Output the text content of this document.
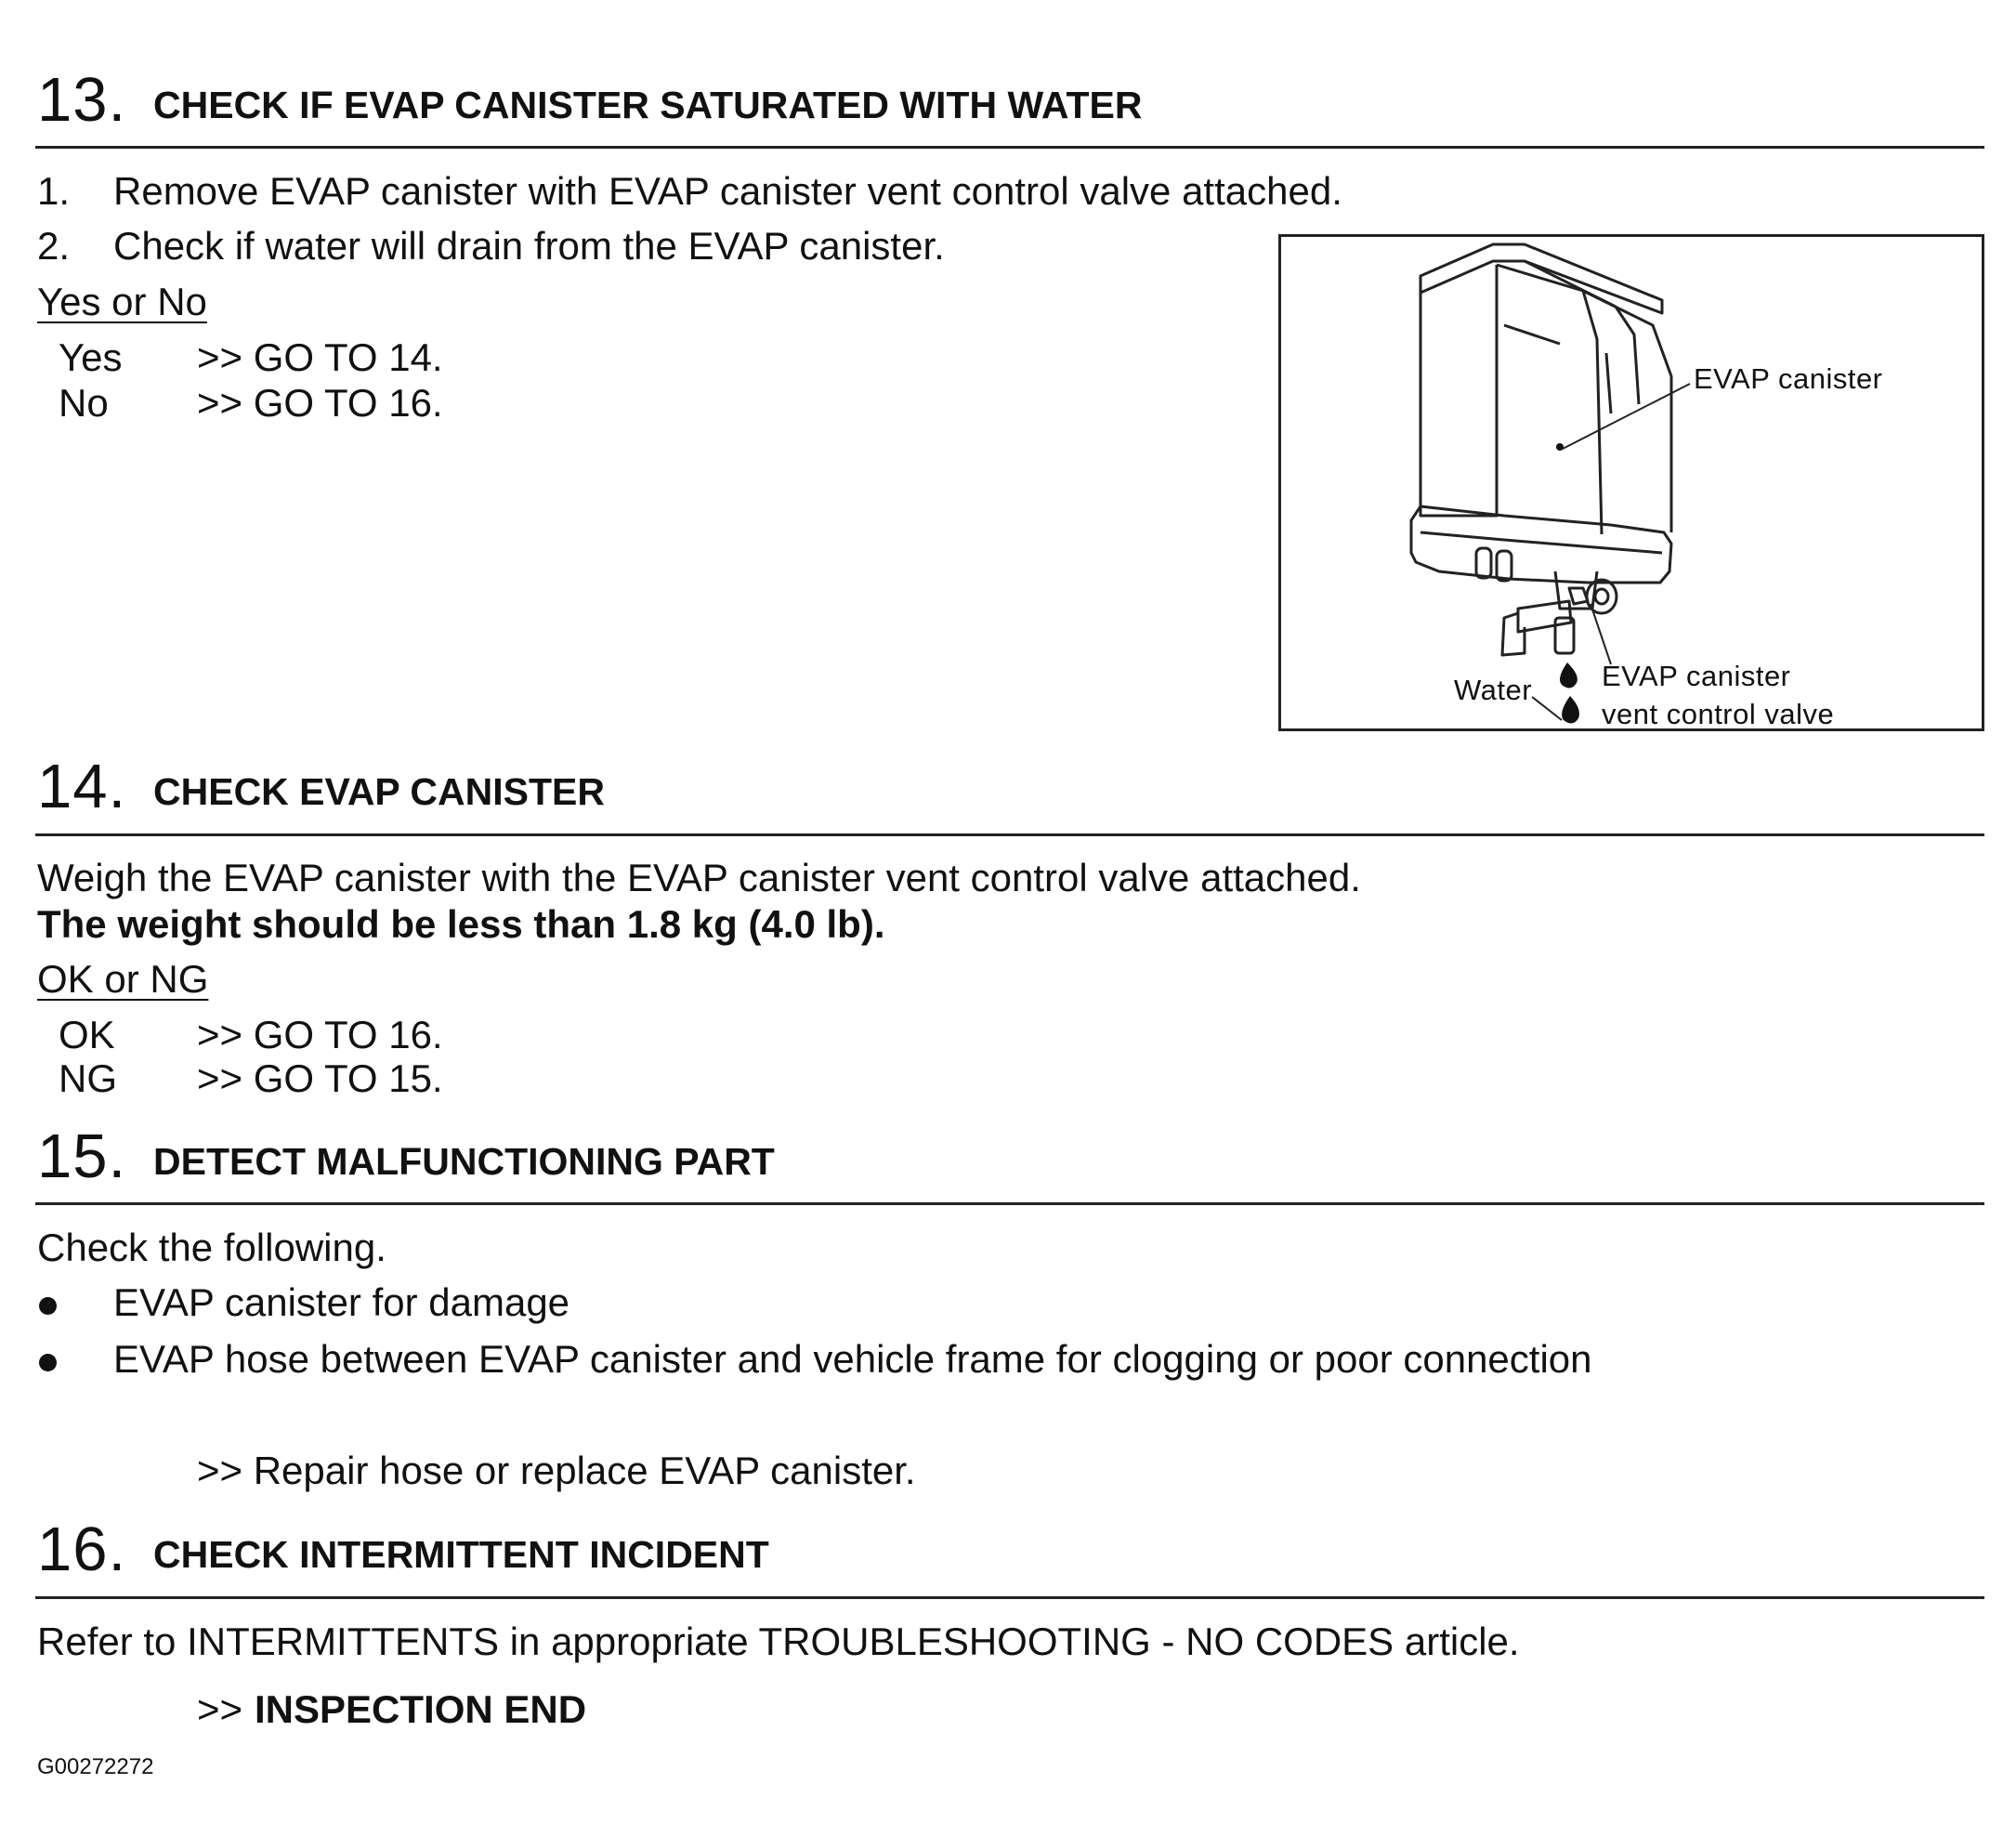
13. CHECK IF EVAP CANISTER SATURATED WITH WATER
1. Remove EVAP canister with EVAP canister vent control valve attached.
2. Check if water will drain from the EVAP canister.
Yes or No
Yes >> GO TO 14.
No >> GO TO 16.
EVAP canister
EVAP canister
vent control valve
Water
14. CHECK EVAP CANISTER
Weigh the EVAP canister with the EVAP canister vent control valve attached.
The weight should be less than 1.8 kg (4.0 lb).
OK or NG
OK >> GO TO 16.
NG >> GO TO 15.
15. DETECT MALFUNCTIONING PART
Check the following.
EVAP canister for damage
EVAP hose between EVAP canister and vehicle frame for clogging or poor connection
>> Repair hose or replace EVAP canister.
16. CHECK INTERMITTENT INCIDENT
Refer to INTERMITTENTS in appropriate TROUBLESHOOTING - NO CODES article.
>> INSPECTION END
G00272272
